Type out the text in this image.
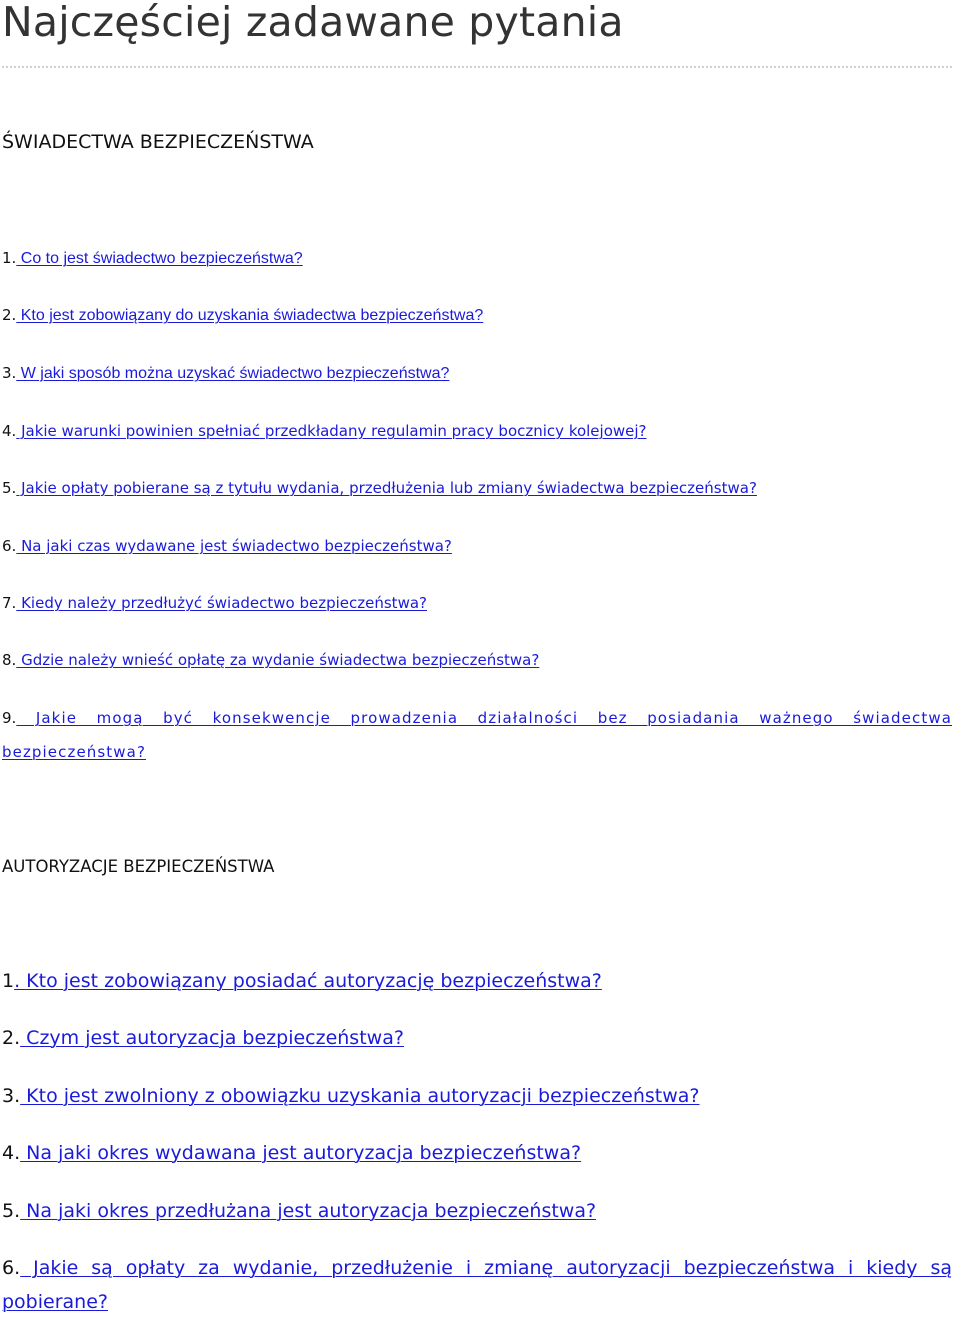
Najczęściej zadawane pytania
ŚWIADECTWA BEZPIECZEŃSTWA
1. Co to jest świadectwo bezpieczeństwa?
2. Kto jest zobowiązany do uzyskania świadectwa bezpieczeństwa?
3. W jaki sposób można uzyskać świadectwo bezpieczeństwa?
4. Jakie warunki powinien spełniać przedkładany regulamin pracy bocznicy kolejowej?
5. Jakie opłaty pobierane są z tytułu wydania, przedłużenia lub zmiany świadectwa bezpieczeństwa?
6. Na jaki czas wydawane jest świadectwo bezpieczeństwa?
7. Kiedy należy przedłużyć świadectwo bezpieczeństwa?
8. Gdzie należy wnieść opłatę za wydanie świadectwa bezpieczeństwa?
9. Jakie mogą być konsekwencje prowadzenia działalności bez posiadania ważnego świadectwa bezpieczeństwa?
AUTORYZACJE BEZPIECZEŃSTWA
1. Kto jest zobowiązany posiadać autoryzację bezpieczeństwa?
2. Czym jest autoryzacja bezpieczeństwa?
3. Kto jest zwolniony z obowiązku uzyskania autoryzacji bezpieczeństwa?
4. Na jaki okres wydawana jest autoryzacja bezpieczeństwa?
5. Na jaki okres przedłużana jest autoryzacja bezpieczeństwa?
6. Jakie są opłaty za wydanie, przedłużenie i zmianę autoryzacji bezpieczeństwa i kiedy są pobierane?
